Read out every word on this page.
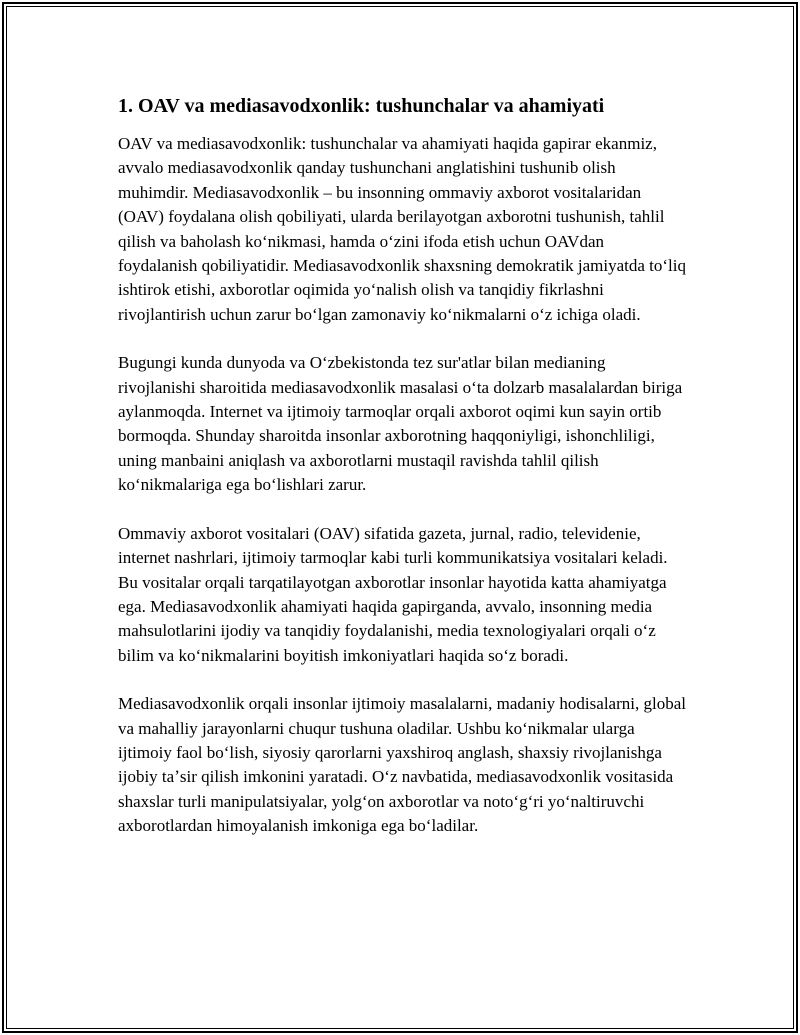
1. OAV va mediasavodxonlik: tushunchalar va ahamiyati

OAV va mediasavodxonlik: tushunchalar va ahamiyati haqida gapirar ekanmiz, avvalo mediasavodxonlik qanday tushunchani anglatishini tushunib olish muhimdir. Mediasavodxonlik – bu insonning ommaviy axborot vositalaridan (OAV) foydalana olish qobiliyati, ularda berilayotgan axborotni tushunish, tahlil qilish va baholash koʻnikmasi, hamda oʻzini ifoda etish uchun OAVdan foydalanish qobiliyatidir. Mediasavodxonlik shaxsning demokratik jamiyatda toʻliq ishtirok etishi, axborotlar oqimida yoʻnalish olish va tanqidiy fikrlashni rivojlantirish uchun zarur boʻlgan zamonaviy koʻnikmalarni oʻz ichiga oladi.

Bugungi kunda dunyoda va Oʻzbekistonda tez sur'atlar bilan medianing rivojlanishi sharoitida mediasavodxonlik masalasi oʻta dolzarb masalalardan biriga aylanmoqda. Internet va ijtimoiy tarmoqlar orqali axborot oqimi kun sayin ortib bormoqda. Shunday sharoitda insonlar axborotning haqqoniyligi, ishonchliligi, uning manbaini aniqlash va axborotlarni mustaqil ravishda tahlil qilish koʻnikmalariga ega boʻlishlari zarur.

Ommaviy axborot vositalari (OAV) sifatida gazeta, jurnal, radio, televidenie, internet nashrlari, ijtimoiy tarmoqlar kabi turli kommunikatsiya vositalari keladi. Bu vositalar orqali tarqatilayotgan axborotlar insonlar hayotida katta ahamiyatga ega. Mediasavodxonlik ahamiyati haqida gapirganda, avvalo, insonning media mahsulotlarini ijodiy va tanqidiy foydalanishi, media texnologiyalari orqali oʻz bilim va koʻnikmalarini boyitish imkoniyatlari haqida soʻz boradi.

Mediasavodxonlik orqali insonlar ijtimoiy masalalarni, madaniy hodisalarni, global va mahalliy jarayonlarni chuqur tushuna oladilar. Ushbu koʻnikmalar ularga ijtimoiy faol boʻlish, siyosiy qarorlarni yaxshiroq anglash, shaxsiy rivojlanishga ijobiy taʼsir qilish imkonini yaratadi. Oʻz navbatida, mediasavodxonlik vositasida shaxslar turli manipulatsiyalar, yolgʻon axborotlar va notoʻgʻri yoʻnaltiruvchi axborotlardan himoyalanish imkoniga ega boʻladilar.
